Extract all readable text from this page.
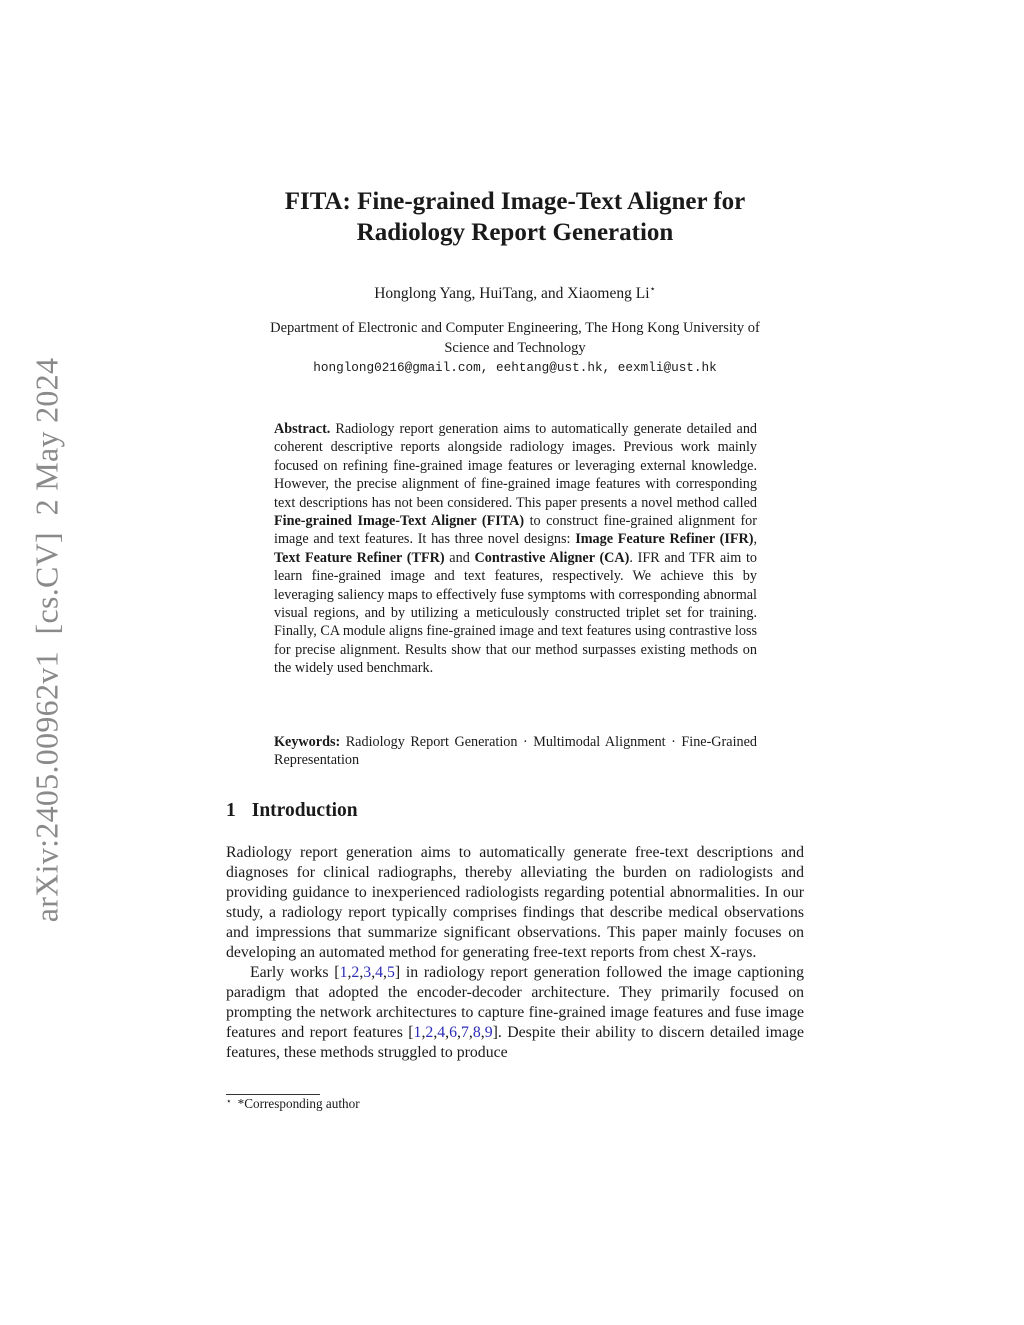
arXiv:2405.00962v1  [cs.CV]  2 May 2024
FITA: Fine-grained Image-Text Aligner for
Radiology Report Generation
Honglong Yang, HuiTang, and Xiaomeng Li⋆
Department of Electronic and Computer Engineering, The Hong Kong University of
Science and Technology
honglong0216@gmail.com, eehtang@ust.hk, eexmli@ust.hk
Abstract. Radiology report generation aims to automatically generate detailed and coherent descriptive reports alongside radiology images. Previous work mainly focused on refining fine-grained image features or leveraging external knowledge. However, the precise alignment of fine-grained image features with corresponding text descriptions has not been considered. This paper presents a novel method called Fine-grained Image-Text Aligner (FITA) to construct fine-grained alignment for image and text features. It has three novel designs: Image Feature Refiner (IFR), Text Feature Refiner (TFR) and Contrastive Aligner (CA). IFR and TFR aim to learn fine-grained image and text features, respectively. We achieve this by leveraging saliency maps to effectively fuse symptoms with corresponding abnormal visual regions, and by utilizing a meticulously constructed triplet set for training. Finally, CA module aligns fine-grained image and text features using contrastive loss for precise alignment. Results show that our method surpasses existing methods on the widely used benchmark.
Keywords: Radiology Report Generation · Multimodal Alignment · Fine-Grained Representation
1 Introduction

Radiology report generation aims to automatically generate free-text descriptions and diagnoses for clinical radiographs, thereby alleviating the burden on radiologists and providing guidance to inexperienced radiologists regarding potential abnormalities. In our study, a radiology report typically comprises findings that describe medical observations and impressions that summarize significant observations. This paper mainly focuses on developing an automated method for generating free-text reports from chest X-rays.

Early works [1,2,3,4,5] in radiology report generation followed the image captioning paradigm that adopted the encoder-decoder architecture. They primarily focused on prompting the network architectures to capture fine-grained image features and fuse image features and report features [1,2,4,6,7,8,9]. Despite their ability to discern detailed image features, these methods struggled to produce

⋆ *Corresponding author
